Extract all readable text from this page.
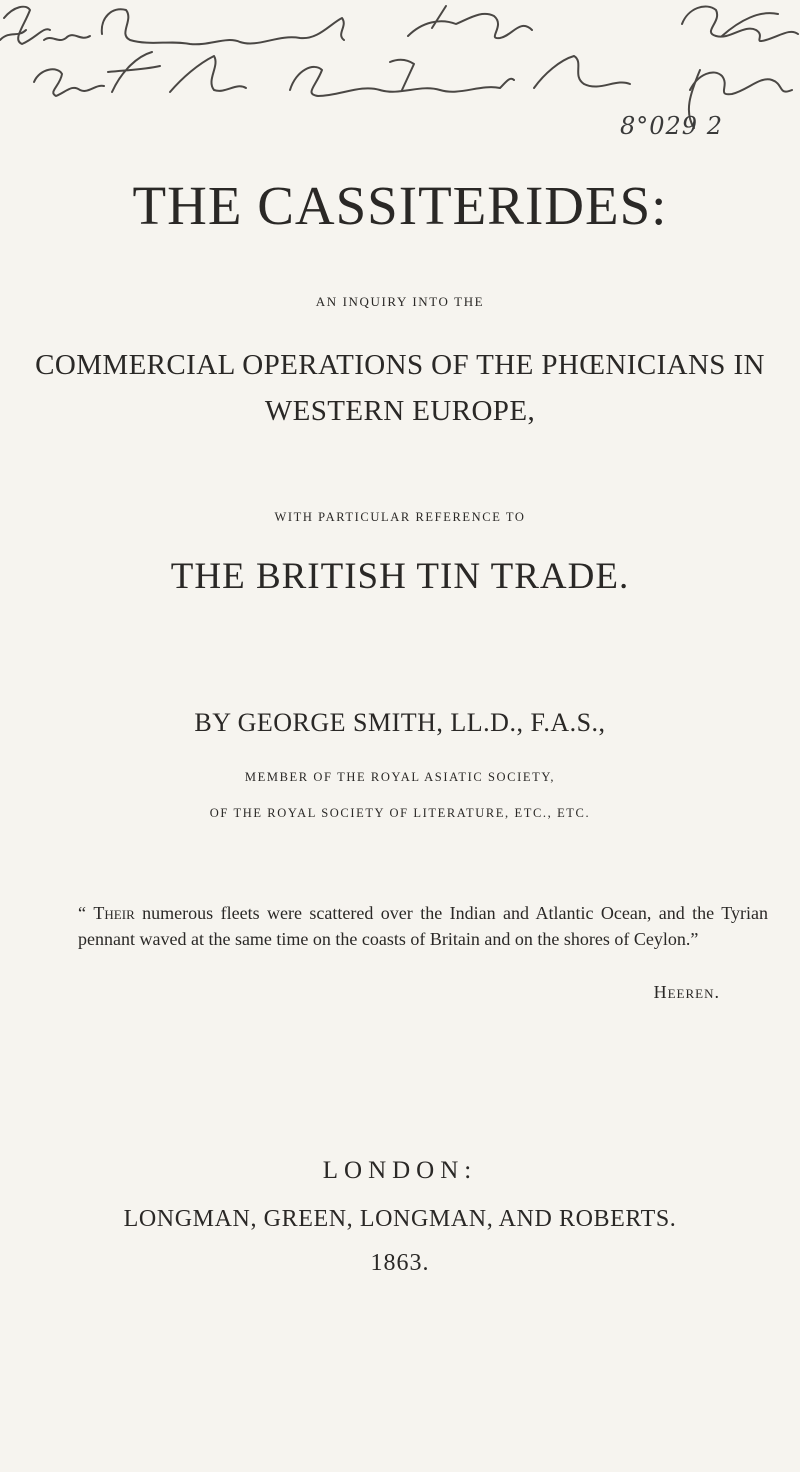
8°029 2
THE CASSITERIDES:
AN INQUIRY INTO THE
COMMERCIAL OPERATIONS OF THE PHŒNICIANS IN
WESTERN EUROPE,
WITH PARTICULAR REFERENCE TO
THE BRITISH TIN TRADE.
BY GEORGE SMITH, LL.D., F.A.S.,
MEMBER OF THE ROYAL ASIATIC SOCIETY,
OF THE ROYAL SOCIETY OF LITERATURE, ETC., ETC.
“ Their numerous fleets were scattered over the Indian and Atlantic Ocean, and the Tyrian pennant waved at the same time on the coasts of Britain and on the shores of Ceylon.”
Heeren.
LONDON:
LONGMAN, GREEN, LONGMAN, AND ROBERTS.
1863.
